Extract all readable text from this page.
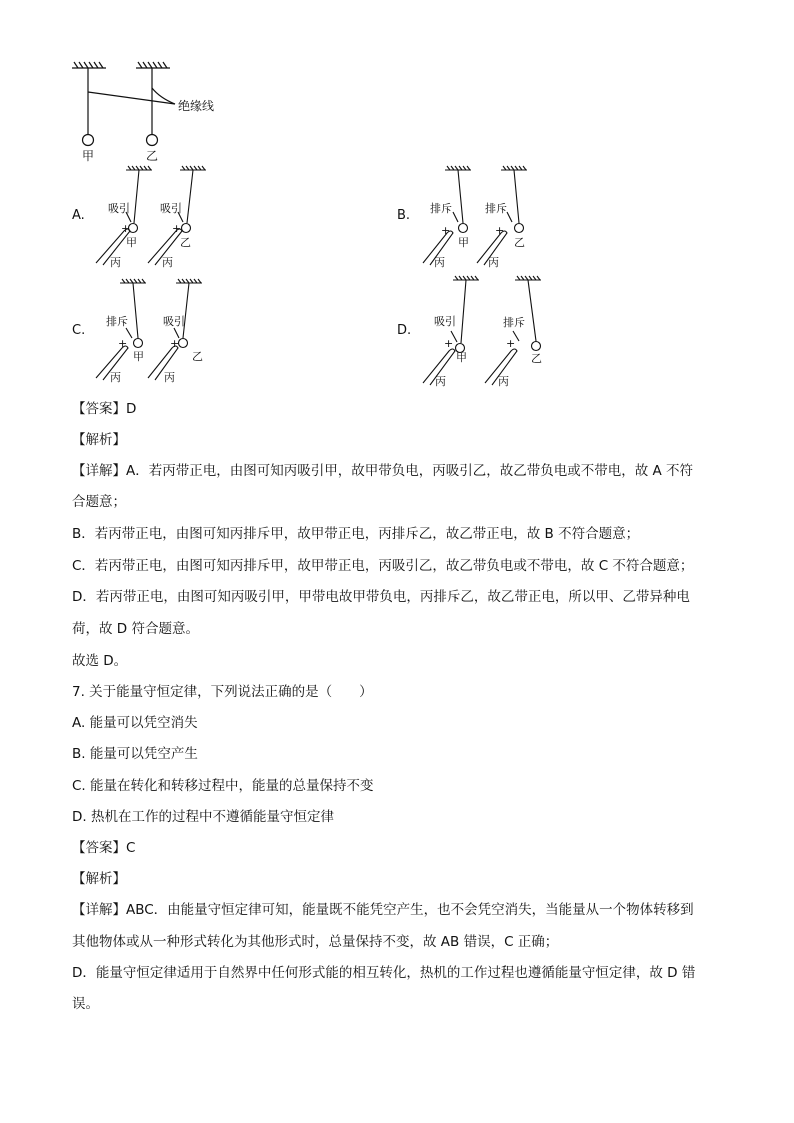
绝缘线
甲	乙
A. 吸引	吸引
+	+
甲	乙
丙	丙
B. 排斥	排斥
+	+
甲	乙
丙	丙
C.
排斥	吸引
+	+
甲	乙
丙	丙
D.
吸引	排斥
+	+
甲	乙
丙	丙
【答案】D
【解析】
【详解】A．若丙带正电，由图可知丙吸引甲，故甲带负电，丙吸引乙，故乙带负电或不带电，故 A 不符
合题意；
B．若丙带正电，由图可知丙排斥甲，故甲带正电，丙排斥乙，故乙带正电，故 B 不符合题意；
C．若丙带正电，由图可知丙排斥甲，故甲带正电，丙吸引乙，故乙带负电或不带电，故 C 不符合题意；
D．若丙带正电，由图可知丙吸引甲，甲带电故甲带负电，丙排斥乙，故乙带正电，所以甲、乙带异种电
荷，故 D 符合题意。
故选 D。
7. 关于能量守恒定律，下列说法正确的是（　　）
A. 能量可以凭空消失
B. 能量可以凭空产生
C. 能量在转化和转移过程中，能量的总量保持不变
D. 热机在工作的过程中不遵循能量守恒定律
【答案】C
【解析】
【详解】ABC．由能量守恒定律可知，能量既不能凭空产生，也不会凭空消失，当能量从一个物体转移到
其他物体或从一种形式转化为其他形式时，总量保持不变，故 AB 错误，C 正确；
D．能量守恒定律适用于自然界中任何形式能的相互转化，热机的工作过程也遵循能量守恒定律，故 D 错
误。
